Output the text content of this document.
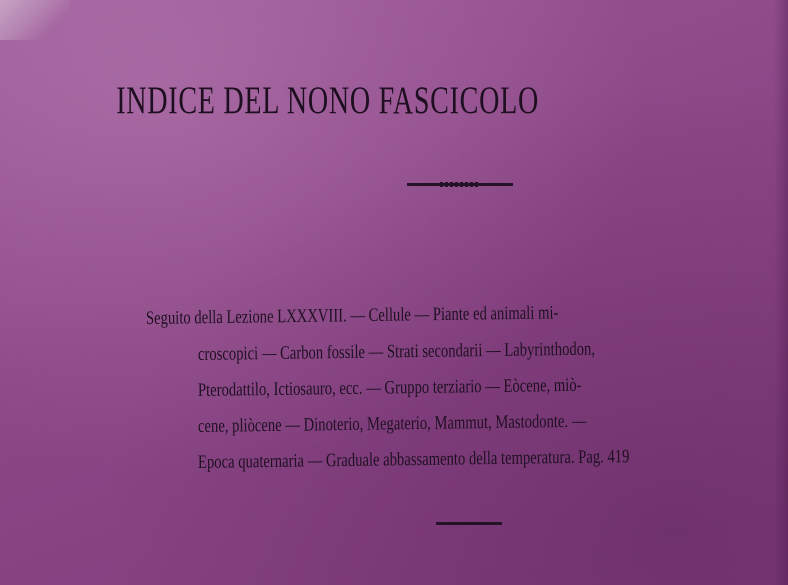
INDICE DEL NONO FASCICOLO
Seguito della Lezione LXXXVIII. — Cellule — Piante ed animali mi-
croscopici — Carbon fossile — Strati secondarii — Labyrinthodon,
Pterodattilo, Ictiosauro, ecc. — Gruppo terziario — Eòcene, miò-
cene, pliòcene — Dinoterio, Megaterio, Mammut, Mastodonte. —
Epoca quaternaria — Graduale abbassamento della temperatura. Pag. 419
